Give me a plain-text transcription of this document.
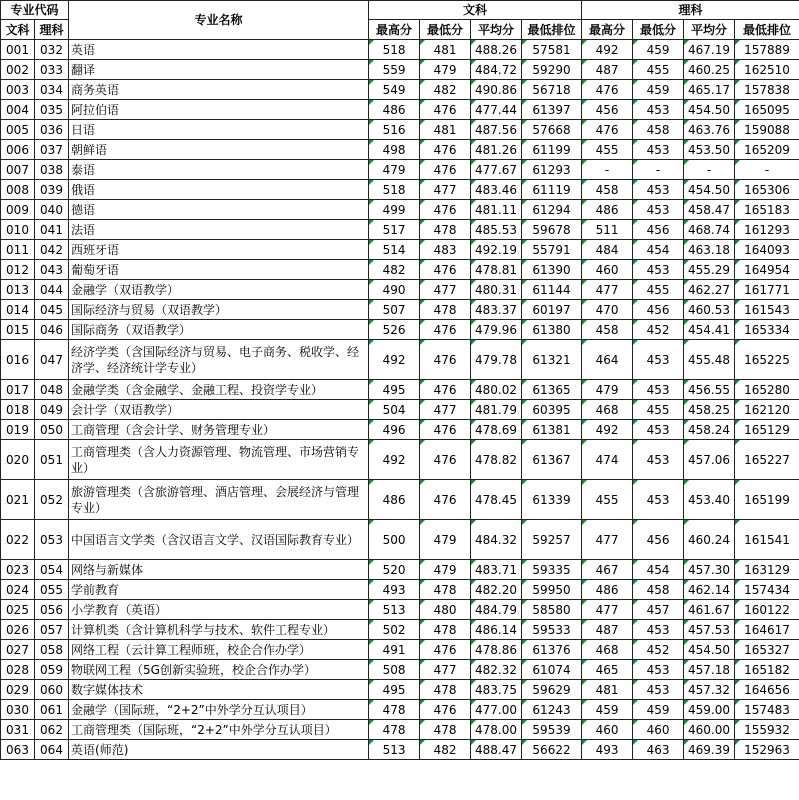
专业代码		专业名称	文科				理科			
文科	理科		最高分	最低分	平均分	最低排位	最高分	最低分	平均分	最低排位
001	032	英语	518	481	488.26	57581	492	459	467.19	157889
002	033	翻译	559	479	484.72	59290	487	455	460.25	162510
003	034	商务英语	549	482	490.86	56718	476	459	465.17	157838
004	035	阿拉伯语	486	476	477.44	61397	456	453	454.50	165095
005	036	日语	516	481	487.56	57668	476	458	463.76	159088
006	037	朝鲜语	498	476	481.26	61199	455	453	453.50	165209
007	038	泰语	479	476	477.67	61293	-	-	-	-
008	039	俄语	518	477	483.46	61119	458	453	454.50	165306
009	040	德语	499	476	481.11	61294	486	453	458.47	165183
010	041	法语	517	478	485.53	59678	511	456	468.74	161293
011	042	西班牙语	514	483	492.19	55791	484	454	463.18	164093
012	043	葡萄牙语	482	476	478.81	61390	460	453	455.29	164954
013	044	金融学（双语教学）	490	477	480.31	61144	477	455	462.27	161771
014	045	国际经济与贸易（双语教学）	507	478	483.37	60197	470	456	460.53	161543
015	046	国际商务（双语教学）	526	476	479.96	61380	458	452	454.41	165334
016	047	经济学类（含国际经济与贸易、电子商务、税收学、经济学、经济统计学专业）	492	476	479.78	61321	464	453	455.48	165225
017	048	金融学类（含金融学、金融工程、投资学专业）	495	476	480.02	61365	479	453	456.55	165280
018	049	会计学（双语教学）	504	477	481.79	60395	468	455	458.25	162120
019	050	工商管理（含会计学、财务管理专业）	496	476	478.69	61381	492	453	458.24	165129
020	051	工商管理类（含人力资源管理、物流管理、市场营销专业）	492	476	478.82	61367	474	453	457.06	165227
021	052	旅游管理类（含旅游管理、酒店管理、会展经济与管理专业）	486	476	478.45	61339	455	453	453.40	165199
022	053	中国语言文学类（含汉语言文学、汉语国际教育专业）	500	479	484.32	59257	477	456	460.24	161541
023	054	网络与新媒体	520	479	483.71	59335	467	454	457.30	163129
024	055	学前教育	493	478	482.20	59950	486	458	462.14	157434
025	056	小学教育（英语）	513	480	484.79	58580	477	457	461.67	160122
026	057	计算机类（含计算机科学与技术、软件工程专业）	502	478	486.14	59533	487	453	457.53	164617
027	058	网络工程（云计算工程师班，校企合作办学）	491	476	478.86	61376	468	452	454.50	165327
028	059	物联网工程（5G创新实验班，校企合作办学）	508	477	482.32	61074	465	453	457.18	165182
029	060	数字媒体技术	495	478	483.75	59629	481	453	457.32	164656
030	061	金融学（国际班，“2+2”中外学分互认项目）	478	476	477.00	61243	459	459	459.00	157483
031	062	工商管理类（国际班，“2+2”中外学分互认项目）	478	478	478.00	59539	460	460	460.00	155932
063	064	英语(师范)	513	482	488.47	56622	493	463	469.39	152963
